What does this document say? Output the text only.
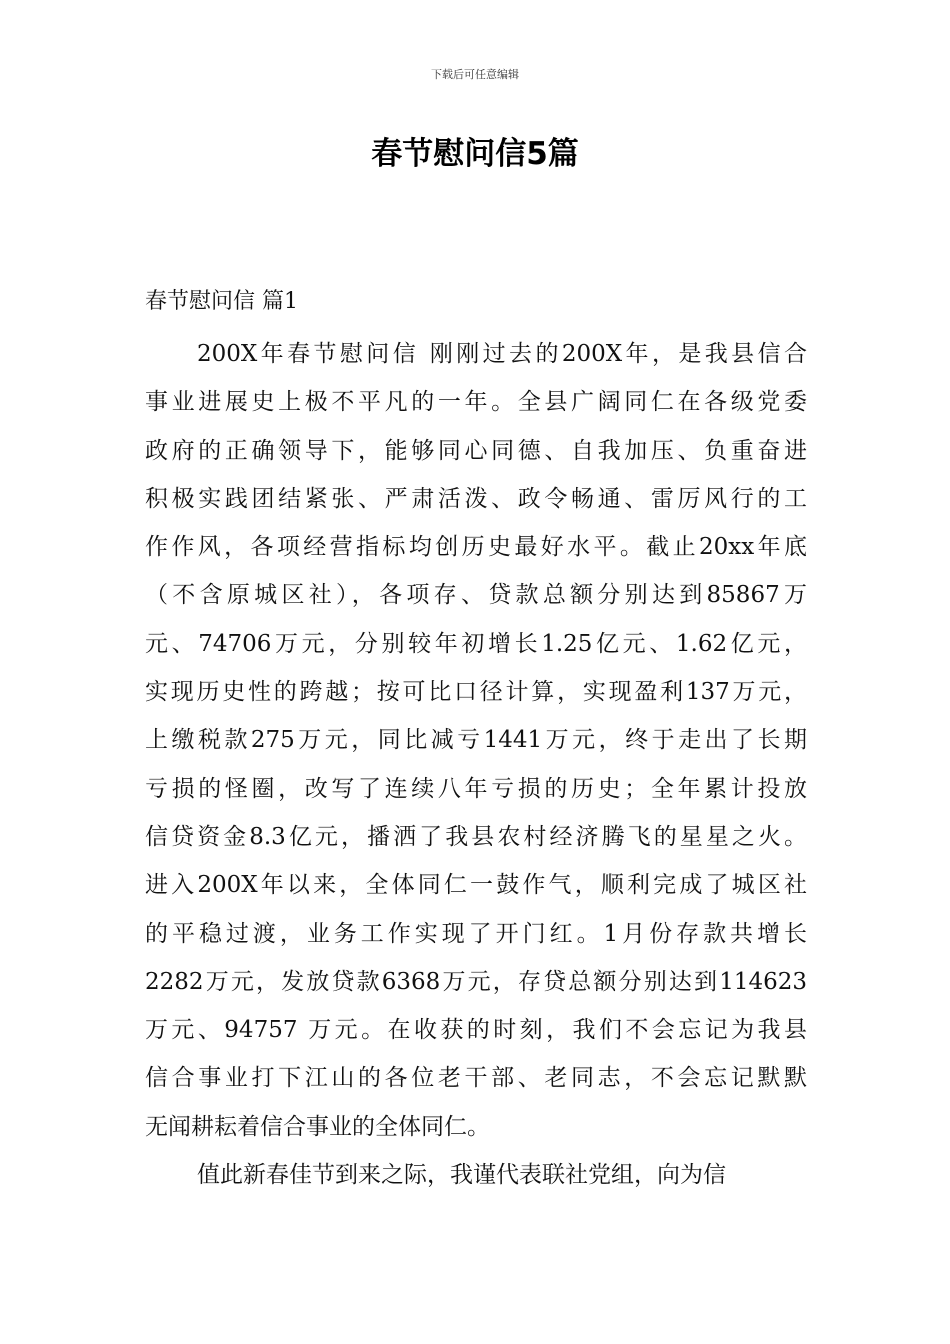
下载后可任意编辑
春节慰问信5篇
春节慰问信 篇1
200X年春节慰问信 刚刚过去的200X年，是我县信合
事业进展史上极不平凡的一年。全县广阔同仁在各级党委
政府的正确领导下，能够同心同德、自我加压、负重奋进
积极实践团结紧张、严肃活泼、政令畅通、雷厉风行的工
作作风，各项经营指标均创历史最好水平。截止20xx年底
（不含原城区社），各项存、贷款总额分别达到85867万
元、74706万元，分别较年初增长1.25亿元、1.62亿元，
实现历史性的跨越；按可比口径计算，实现盈利137万元，
上缴税款275万元，同比减亏1441万元，终于走出了长期
亏损的怪圈，改写了连续八年亏损的历史；全年累计投放
信贷资金8.3亿元，播洒了我县农村经济腾飞的星星之火。
进入200X年以来，全体同仁一鼓作气，顺利完成了城区社
的平稳过渡，业务工作实现了开门红。1月份存款共增长
2282万元，发放贷款6368万元，存贷总额分别达到114623
万元、94757 万元。在收获的时刻，我们不会忘记为我县
信合事业打下江山的各位老干部、老同志，不会忘记默默
无闻耕耘着信合事业的全体同仁。
值此新春佳节到来之际，我谨代表联社党组，向为信
